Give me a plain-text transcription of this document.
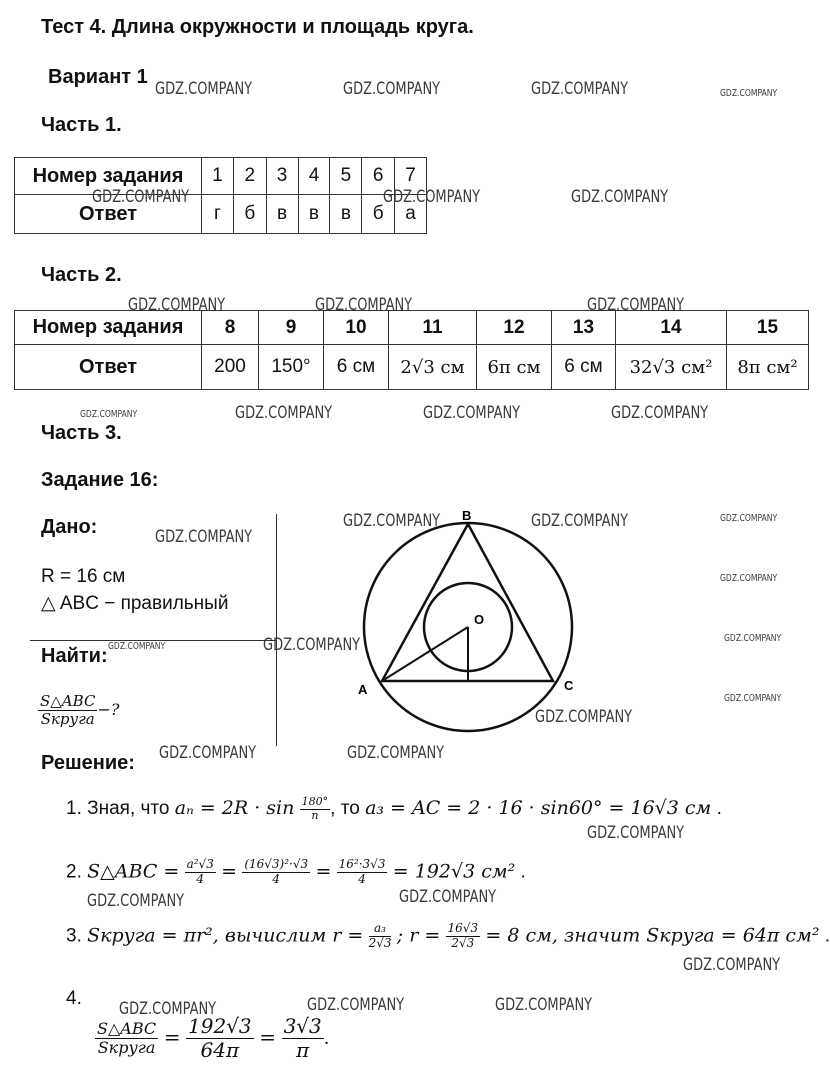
Тест 4. Длина окружности и площадь круга.
Вариант 1
Часть 1.
Номер задания	1	2	3	4	5	6	7
Ответ	г	б	в	в	в	б	а
Часть 2.
Номер задания	8	9	10	11	12	13	14	15
Ответ	200	150°	6 см	2√3 см	6π см	6 см	32√3 см²	8π см²
Часть 3.
Задание 16:
Дано:
R = 16 см
△ ABC − правильный
Найти:
$\frac{\text{S△ABC}}{\text{Sкруга}}$ −?
Решение:
B
A	C
O
1. Зная, что $a_n = 2R \cdot \sin \frac{180^\circ}{n}$ , то a₃ = AC = 2 · 16 · sin60° = 16√3 см .
2. S△ABC = $\frac{\text{a²√3}}{4} = \frac{\text{(16√3)²·√3}}{4} = \frac{\text{16²·3√3}}{4} = 192√3$ см² .
3. Sкруга = πr², вычислим $r = \frac{\text{a₃}}{2√3}$ ; $r = \frac{16√3}{2√3} = 8$ см, значит Sкруга = 64π см² .
4.
$\frac{\text{S△ABC}}{\text{Sкруга}} = \frac{192√3}{64\pi} = \frac{3√3}{\pi}$ .
GDZ.COMPANY	GDZ.COMPANY	GDZ.COMPANY	GDZ.COMPANY
GDZ.COMPANY	GDZ.COMPANY	GDZ.COMPANY
GDZ.COMPANY	GDZ.COMPANY	GDZ.COMPANY
GDZ.COMPANY	GDZ.COMPANY	GDZ.COMPANY	GDZ.COMPANY
GDZ.COMPANY
GDZ.COMPANY	GDZ.COMPANY	GDZ.COMPANY
GDZ.COMPANY
GDZ.COMPANY
GDZ.COMPANY	GDZ.COMPANY
GDZ.COMPANY
GDZ.COMPANY
GDZ.COMPANY	GDZ.COMPANY
GDZ.COMPANY
GDZ.COMPANY	GDZ.COMPANY
GDZ.COMPANY
GDZ.COMPANY	GDZ.COMPANY	GDZ.COMPANY
